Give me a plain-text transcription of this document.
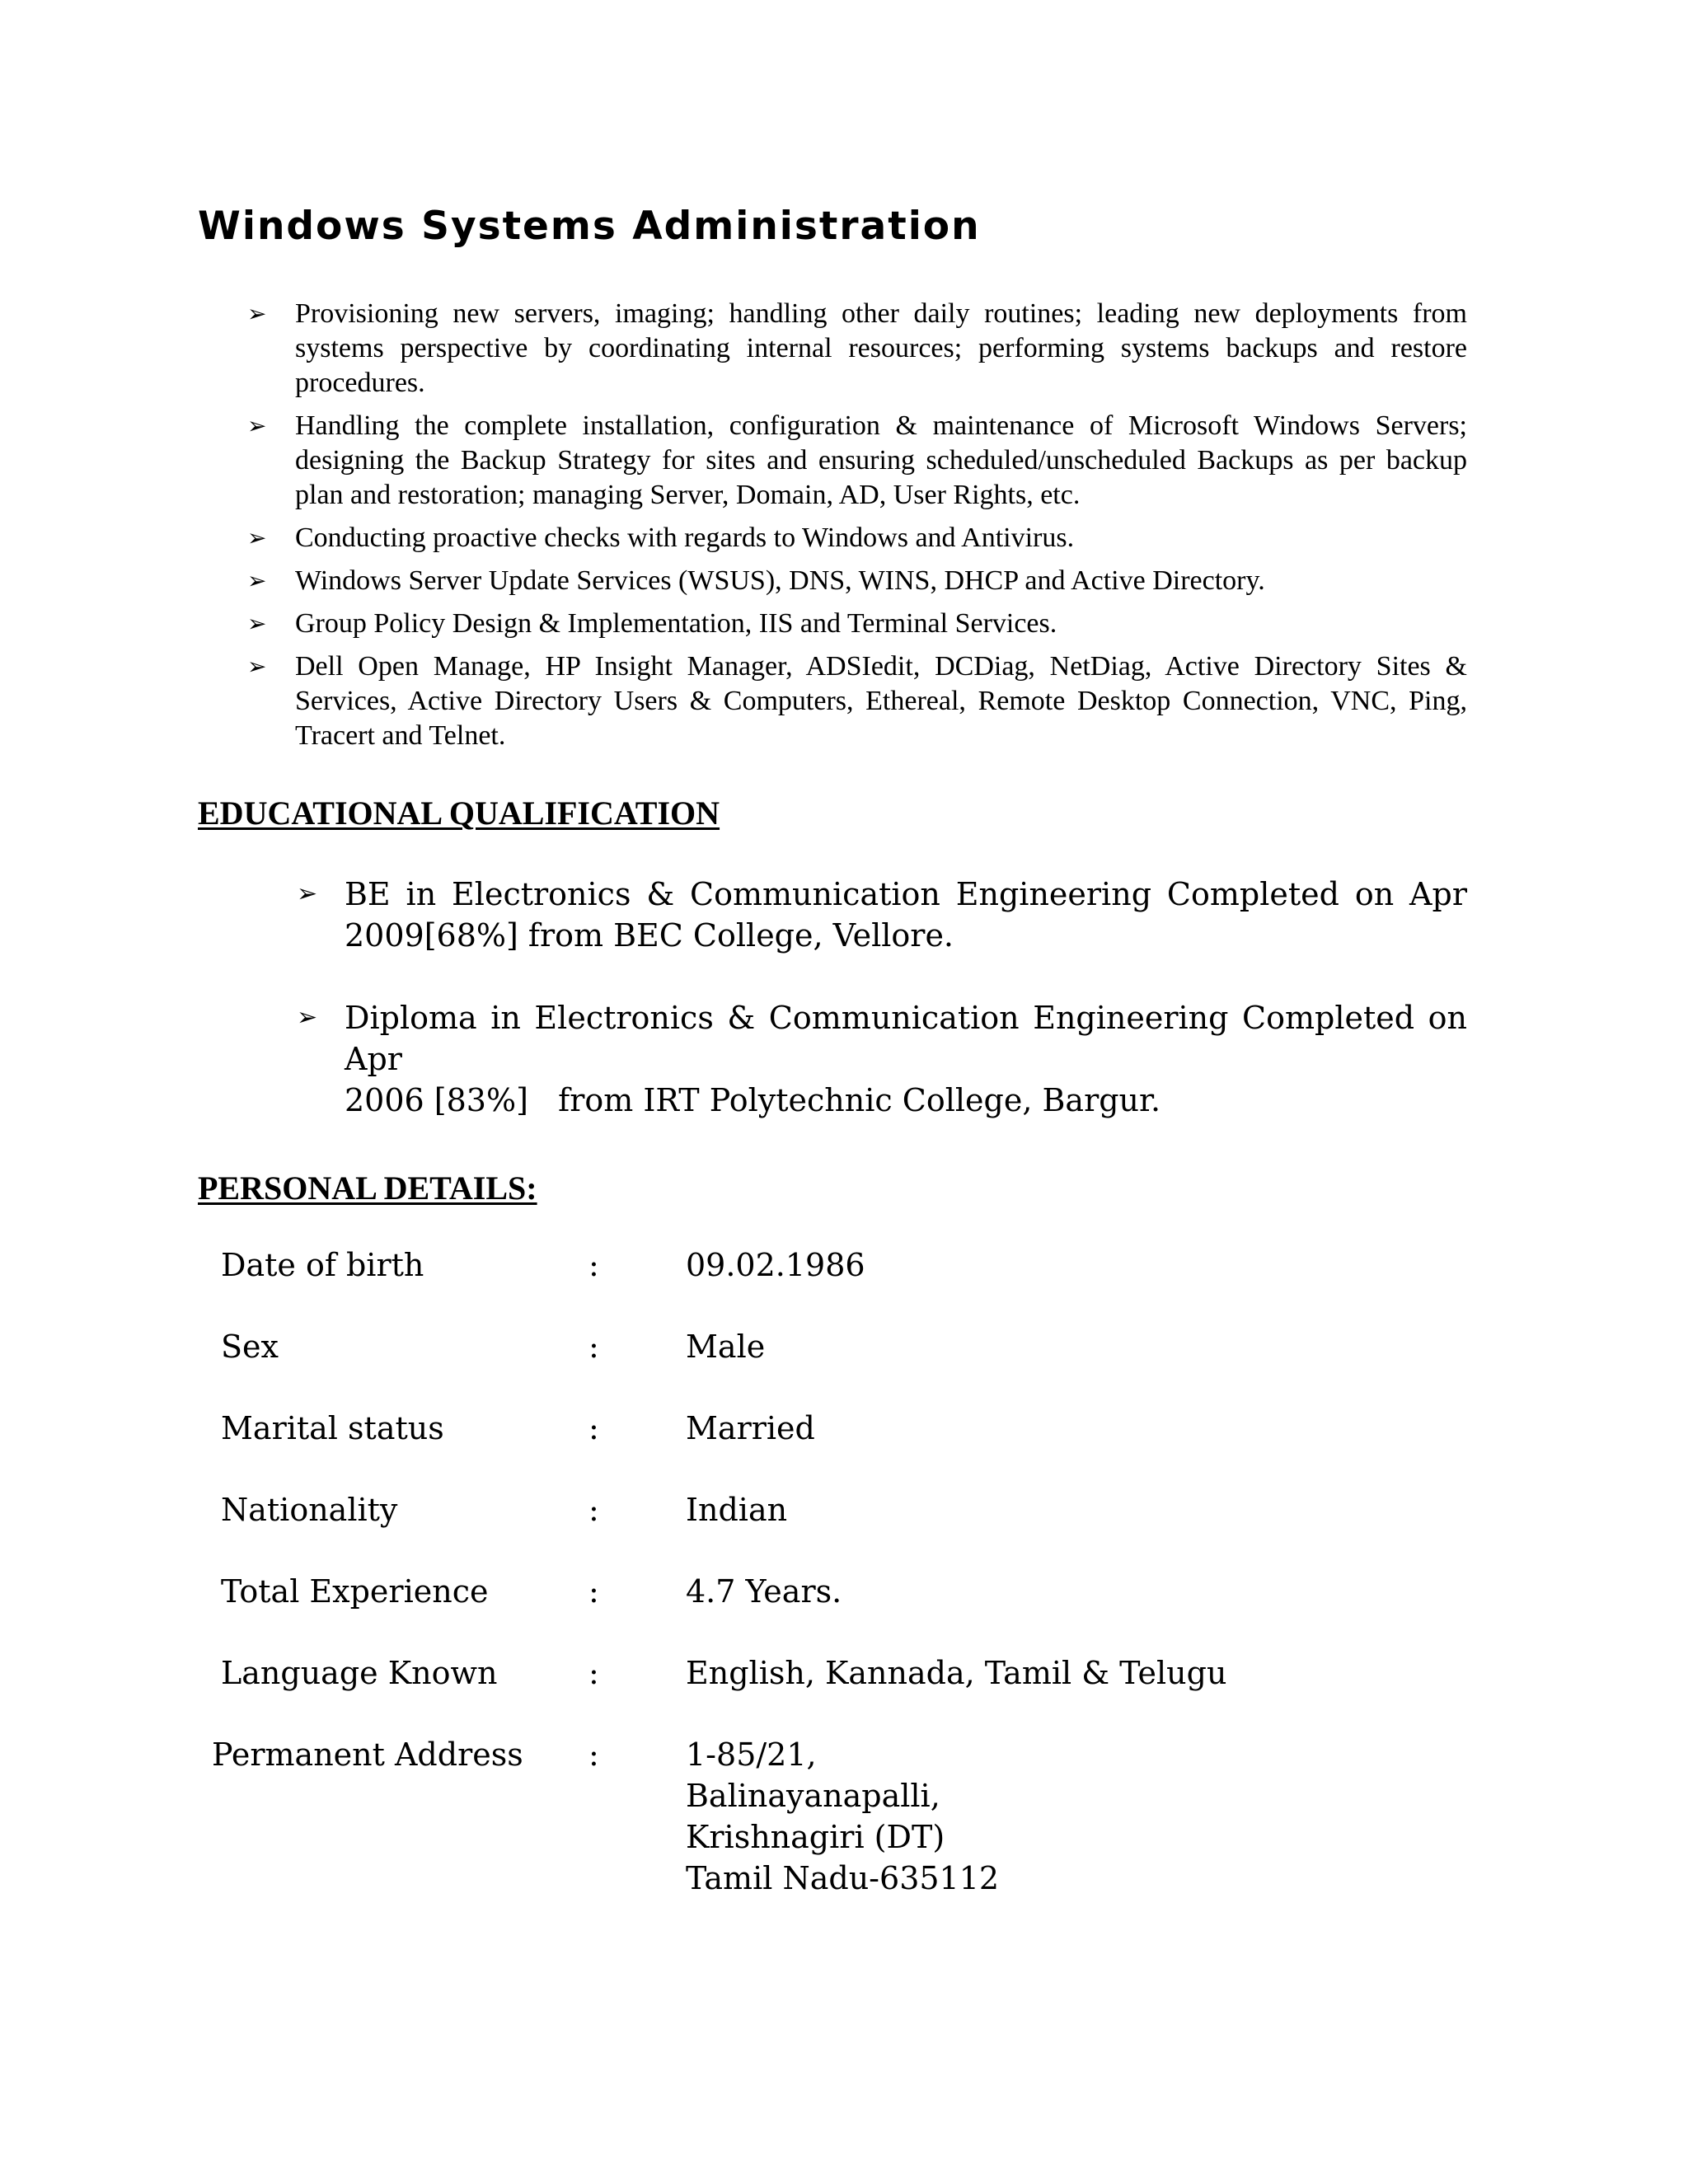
Windows Systems Administration
➢ Provisioning new servers, imaging; handling other daily routines; leading new deployments from systems perspective by coordinating internal resources; performing systems backups and restore procedures.
➢ Handling the complete installation, configuration & maintenance of Microsoft Windows Servers; designing the Backup Strategy for sites and ensuring scheduled/unscheduled Backups as per backup plan and restoration; managing Server, Domain, AD, User Rights, etc.
➢ Conducting proactive checks with regards to Windows and Antivirus.
➢ Windows Server Update Services (WSUS), DNS, WINS, DHCP and Active Directory.
➢ Group Policy Design & Implementation, IIS and Terminal Services.
➢ Dell Open Manage, HP Insight Manager, ADSIedit, DCDiag, NetDiag, Active Directory Sites & Services, Active Directory Users & Computers, Ethereal, Remote Desktop Connection, VNC, Ping, Tracert and Telnet.
EDUCATIONAL QUALIFICATION
➢ BE in Electronics & Communication Engineering Completed on Apr
2009[68%] from BEC College, Vellore.
➢ Diploma in Electronics & Communication Engineering Completed on Apr
2006 [83%]   from IRT Polytechnic College, Bargur.
PERSONAL DETAILS:
Date of birth	:	09.02.1986
Sex	:	Male
Marital status	:	Married
Nationality	:	Indian
Total Experience	:	4.7 Years.
Language Known	:	English, Kannada, Tamil & Telugu
Permanent Address :	1-85/21,
Balinayanapalli,
Krishnagiri (DT)
Tamil Nadu-635112
